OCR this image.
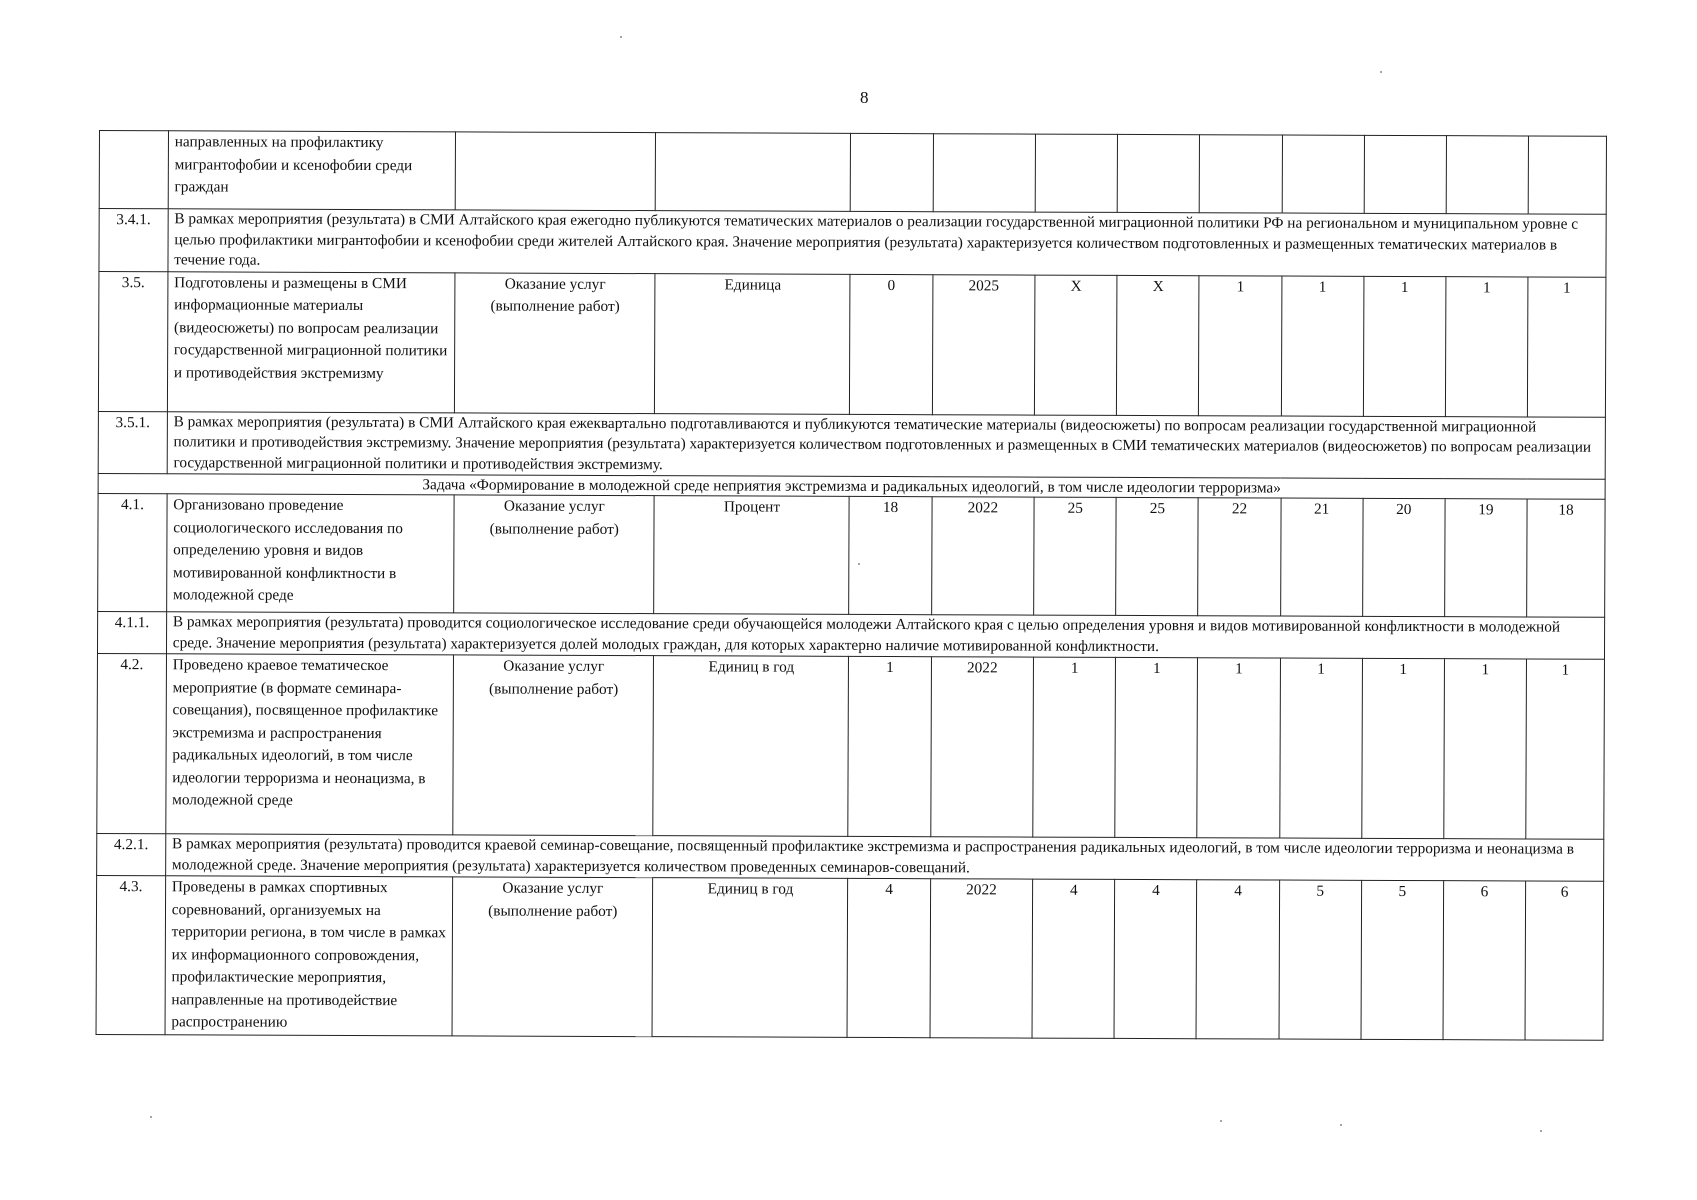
8
	направленных на профилактику мигрантофобии и ксенофобии среди граждан											
3.4.1.	В рамках мероприятия (результата) в СМИ Алтайского края ежегодно публикуются тематических материалов о реализации государственной миграционной политики РФ на региональном и муниципальном уровне с целью профилактики мигрантофобии и ксенофобии среди жителей Алтайского края. Значение мероприятия (результата) характеризуется количеством подготовленных и размещенных тематических материалов в течение года.											
3.5.	Подготовлены и размещены в СМИ информационные материалы (видеосюжеты) по вопросам реализации государственной миграционной политики и противодействия экстремизму	Оказание услуг (выполнение работ)	Единица	0	2025	Х	Х	1	1	1	1	1
3.5.1.	В рамках мероприятия (результата) в СМИ Алтайского края ежеквартально подготавливаются и публикуются тематические материалы (видеосюжеты) по вопросам реализации государственной миграционной политики и противодействия экстремизму. Значение мероприятия (результата) характеризуется количеством подготовленных и размещенных в СМИ тематических материалов (видеосюжетов) по вопросам реализации государственной миграционной политики и противодействия экстремизму.											
Задача «Формирование в молодежной среде неприятия экстремизма и радикальных идеологий, в том числе идеологии терроризма»												
4.1.	Организовано проведение социологического исследования по определению уровня и видов мотивированной конфликтности в молодежной среде	Оказание услуг (выполнение работ)	Процент	18	2022	25	25	22	21	20	19	18
4.1.1.	В рамках мероприятия (результата) проводится социологическое исследование среди обучающейся молодежи Алтайского края с целью определения уровня и видов мотивированной конфликтности в молодежной среде. Значение мероприятия (результата) характеризуется долей молодых граждан, для которых характерно наличие мотивированной конфликтности.											
4.2.	Проведено краевое тематическое мероприятие (в формате семинара-совещания), посвященное профилактике экстремизма и распространения радикальных идеологий, в том числе идеологии терроризма и неонацизма, в молодежной среде	Оказание услуг (выполнение работ)	Единиц в год	1	2022	1	1	1	1	1	1	1
4.2.1.	В рамках мероприятия (результата) проводится краевой семинар-совещание, посвященный профилактике экстремизма и распространения радикальных идеологий, в том числе идеологии терроризма и неонацизма в молодежной среде. Значение мероприятия (результата) характеризуется количеством проведенных семинаров-совещаний.											
4.3.	Проведены в рамках спортивных соревнований, организуемых на территории региона, в том числе в рамках их информационного сопровождения, профилактические мероприятия, направленные на противодействие распространению	Оказание услуг (выполнение работ)	Единиц в год	4	2022	4	4	4	5	5	6	6
